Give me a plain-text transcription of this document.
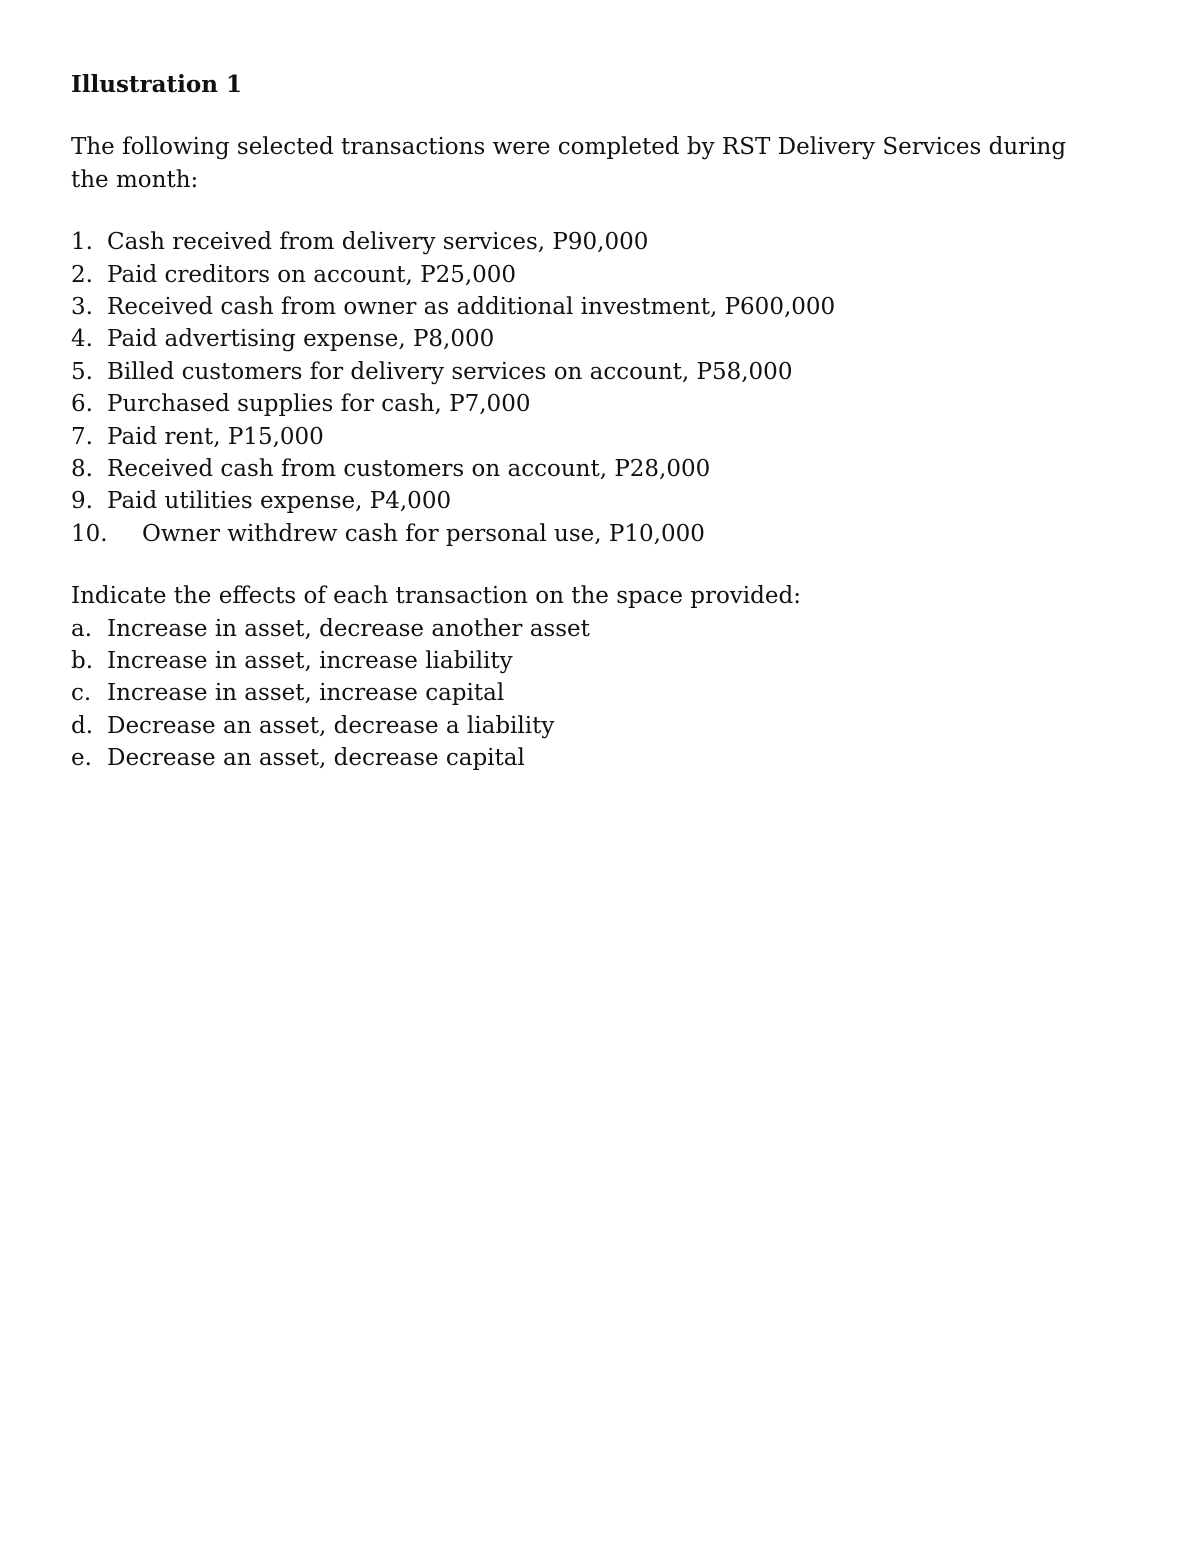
Illustration 1

The following selected transactions were completed by RST Delivery Services during the month:

1. Cash received from delivery services, P90,000
2. Paid creditors on account, P25,000
3. Received cash from owner as additional investment, P600,000
4. Paid advertising expense, P8,000
5. Billed customers for delivery services on account, P58,000
6. Purchased supplies for cash, P7,000
7. Paid rent, P15,000
8. Received cash from customers on account, P28,000
9. Paid utilities expense, P4,000
10.	Owner withdrew cash for personal use, P10,000

Indicate the effects of each transaction on the space provided:

a. Increase in asset, decrease another asset
b. Increase in asset, increase liability
c. Increase in asset, increase capital
d. Decrease an asset, decrease a liability
e. Decrease an asset, decrease capital
